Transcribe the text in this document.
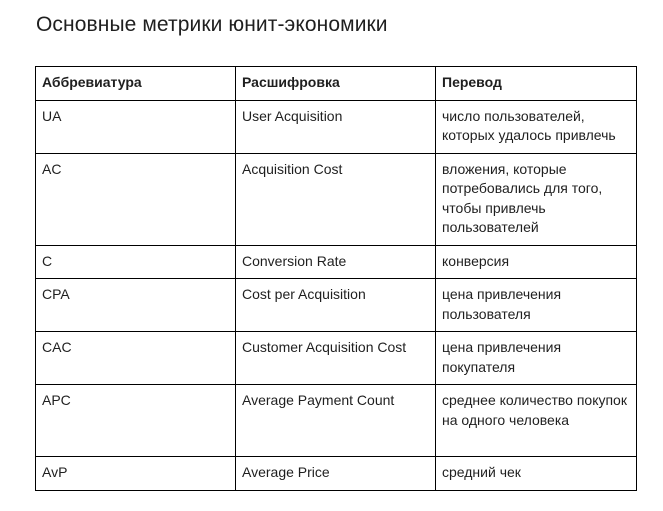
Основные метрики юнит-экономики
Аббревиатура	Расшифровка	Перевод
UA	User Acquisition	число пользователей, которых удалось привлечь
AC	Acquisition Cost	вложения, которые потребовались для того, чтобы привлечь пользователей
C	Conversion Rate	конверсия
CPA	Cost per Acquisition	цена привлечения пользователя
CAC	Customer Acquisition Cost	цена привлечения покупателя
APC	Average Payment Count	среднее количество покупок на одного человека
AvP	Average Price	средний чек
